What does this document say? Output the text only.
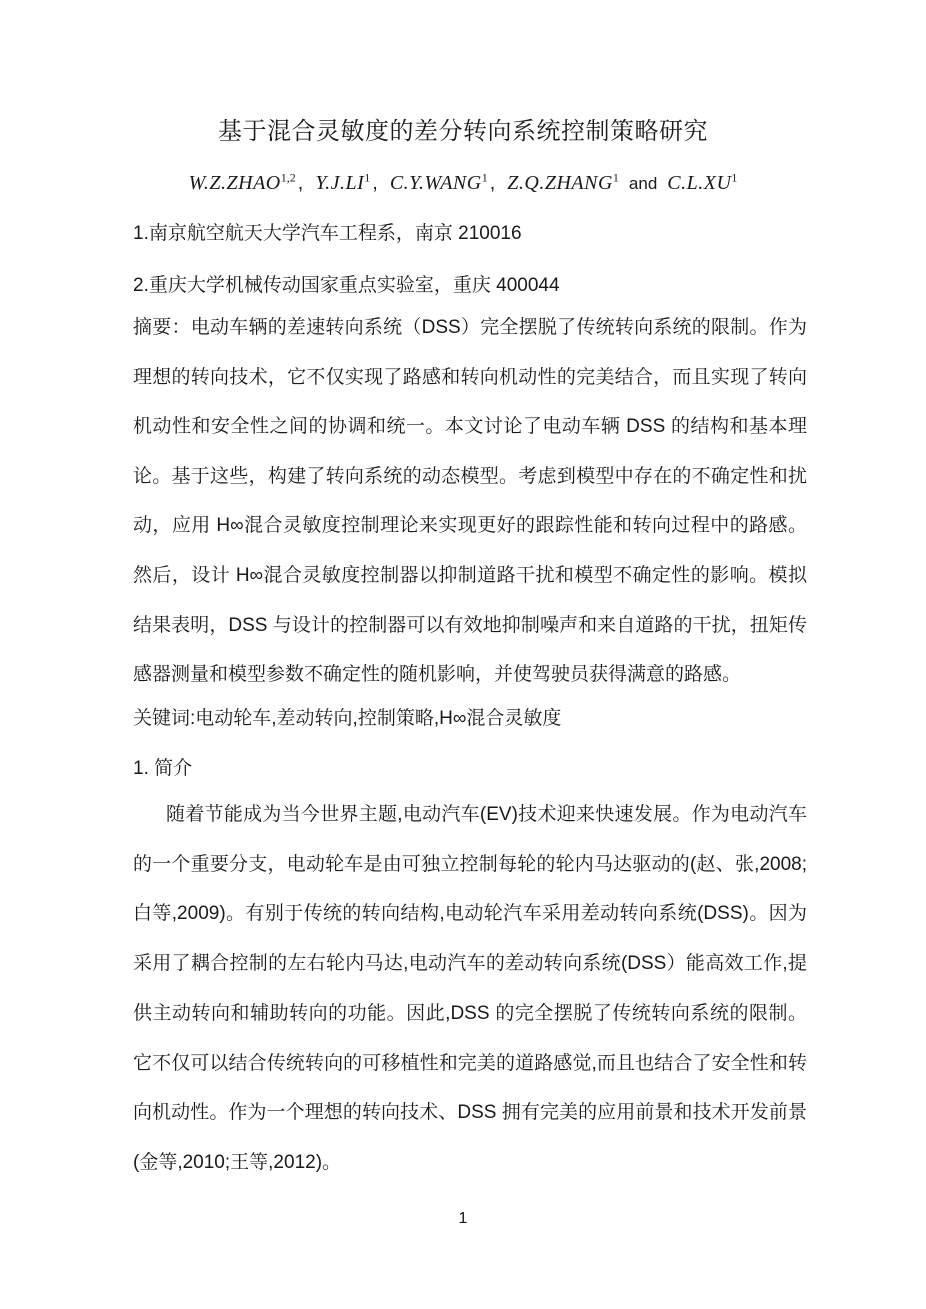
基于混合灵敏度的差分转向系统控制策略研究
W.Z.ZHAO$^{1,2}$ , $Y.J.LI^1$ , C.Y.WANG$^1$ , Z.Q.ZHANG$^1$ and $C.L.XU^1$

1.南京航空航天大学汽车工程系，南京 210016

2.重庆大学机械传动国家重点实验室，重庆 400044

摘要：电动车辆的差速转向系统（DSS）完全摆脱了传统转向系统的限制。作为理想的转向技术，它不仅实现了路感和转向机动性的完美结合，而且实现了转向机动性和安全性之间的协调和统一。本文讨论了电动车辆 DSS 的结构和基本理论。基于这些，构建了转向系统的动态模型。考虑到模型中存在的不确定性和扰动，应用 H∞混合灵敏度控制理论来实现更好的跟踪性能和转向过程中的路感。然后，设计 H∞混合灵敏度控制器以抑制道路干扰和模型不确定性的影响。模拟结果表明，DSS 与设计的控制器可以有效地抑制噪声和来自道路的干扰，扭矩传感器测量和模型参数不确定性的随机影响，并使驾驶员获得满意的路感。

关键词:电动轮车,差动转向,控制策略,H∞混合灵敏度

1. 简介

随着节能成为当今世界主题,电动汽车(EV)技术迎来快速发展。作为电动汽车的一个重要分支，电动轮车是由可独立控制每轮的轮内马达驱动的(赵、张,2008;白等,2009)。有别于传统的转向结构,电动轮汽车采用差动转向系统(DSS)。因为采用了耦合控制的左右轮内马达,电动汽车的差动转向系统(DSS）能高效工作,提供主动转向和辅助转向的功能。因此,DSS 的完全摆脱了传统转向系统的限制。它不仅可以结合传统转向的可移植性和完美的道路感觉,而且也结合了安全性和转向机动性。作为一个理想的转向技术、DSS 拥有完美的应用前景和技术开发前景(金等,2010;王等,2012)。

1
